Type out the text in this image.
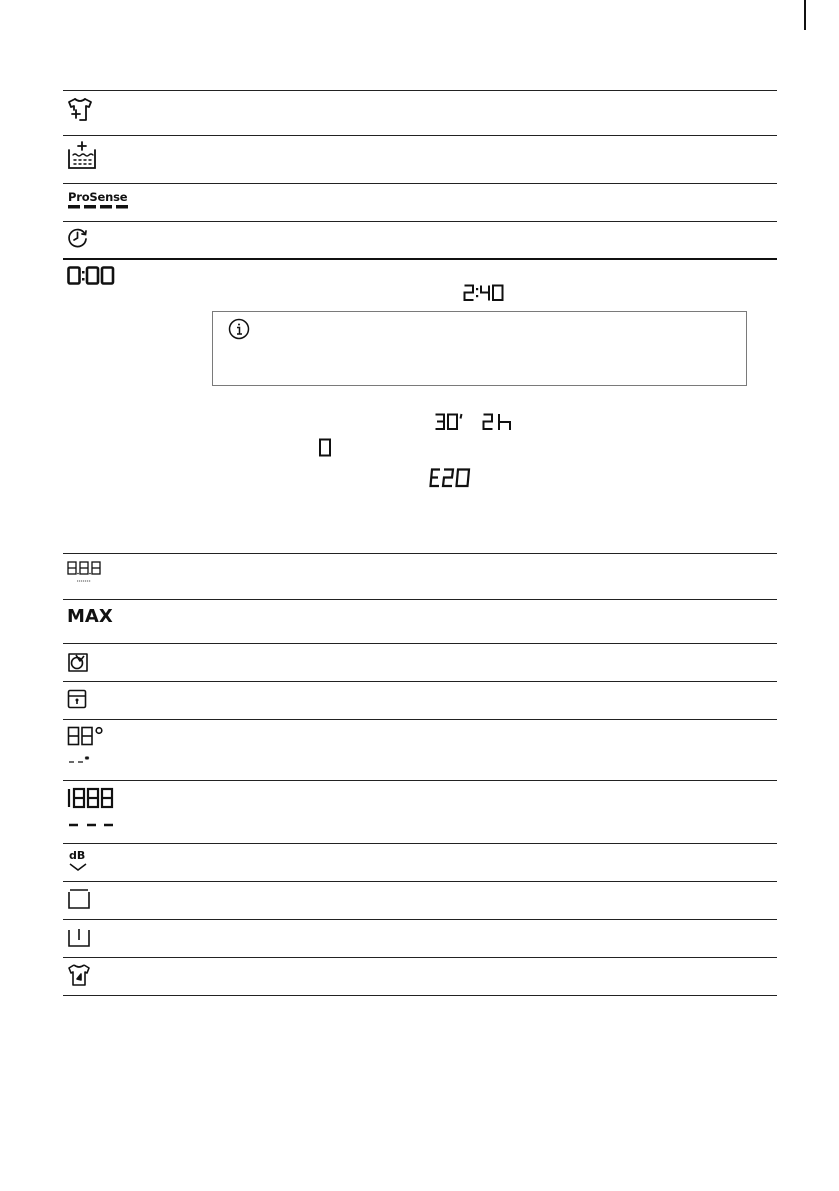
ProSense
MAX
dB
